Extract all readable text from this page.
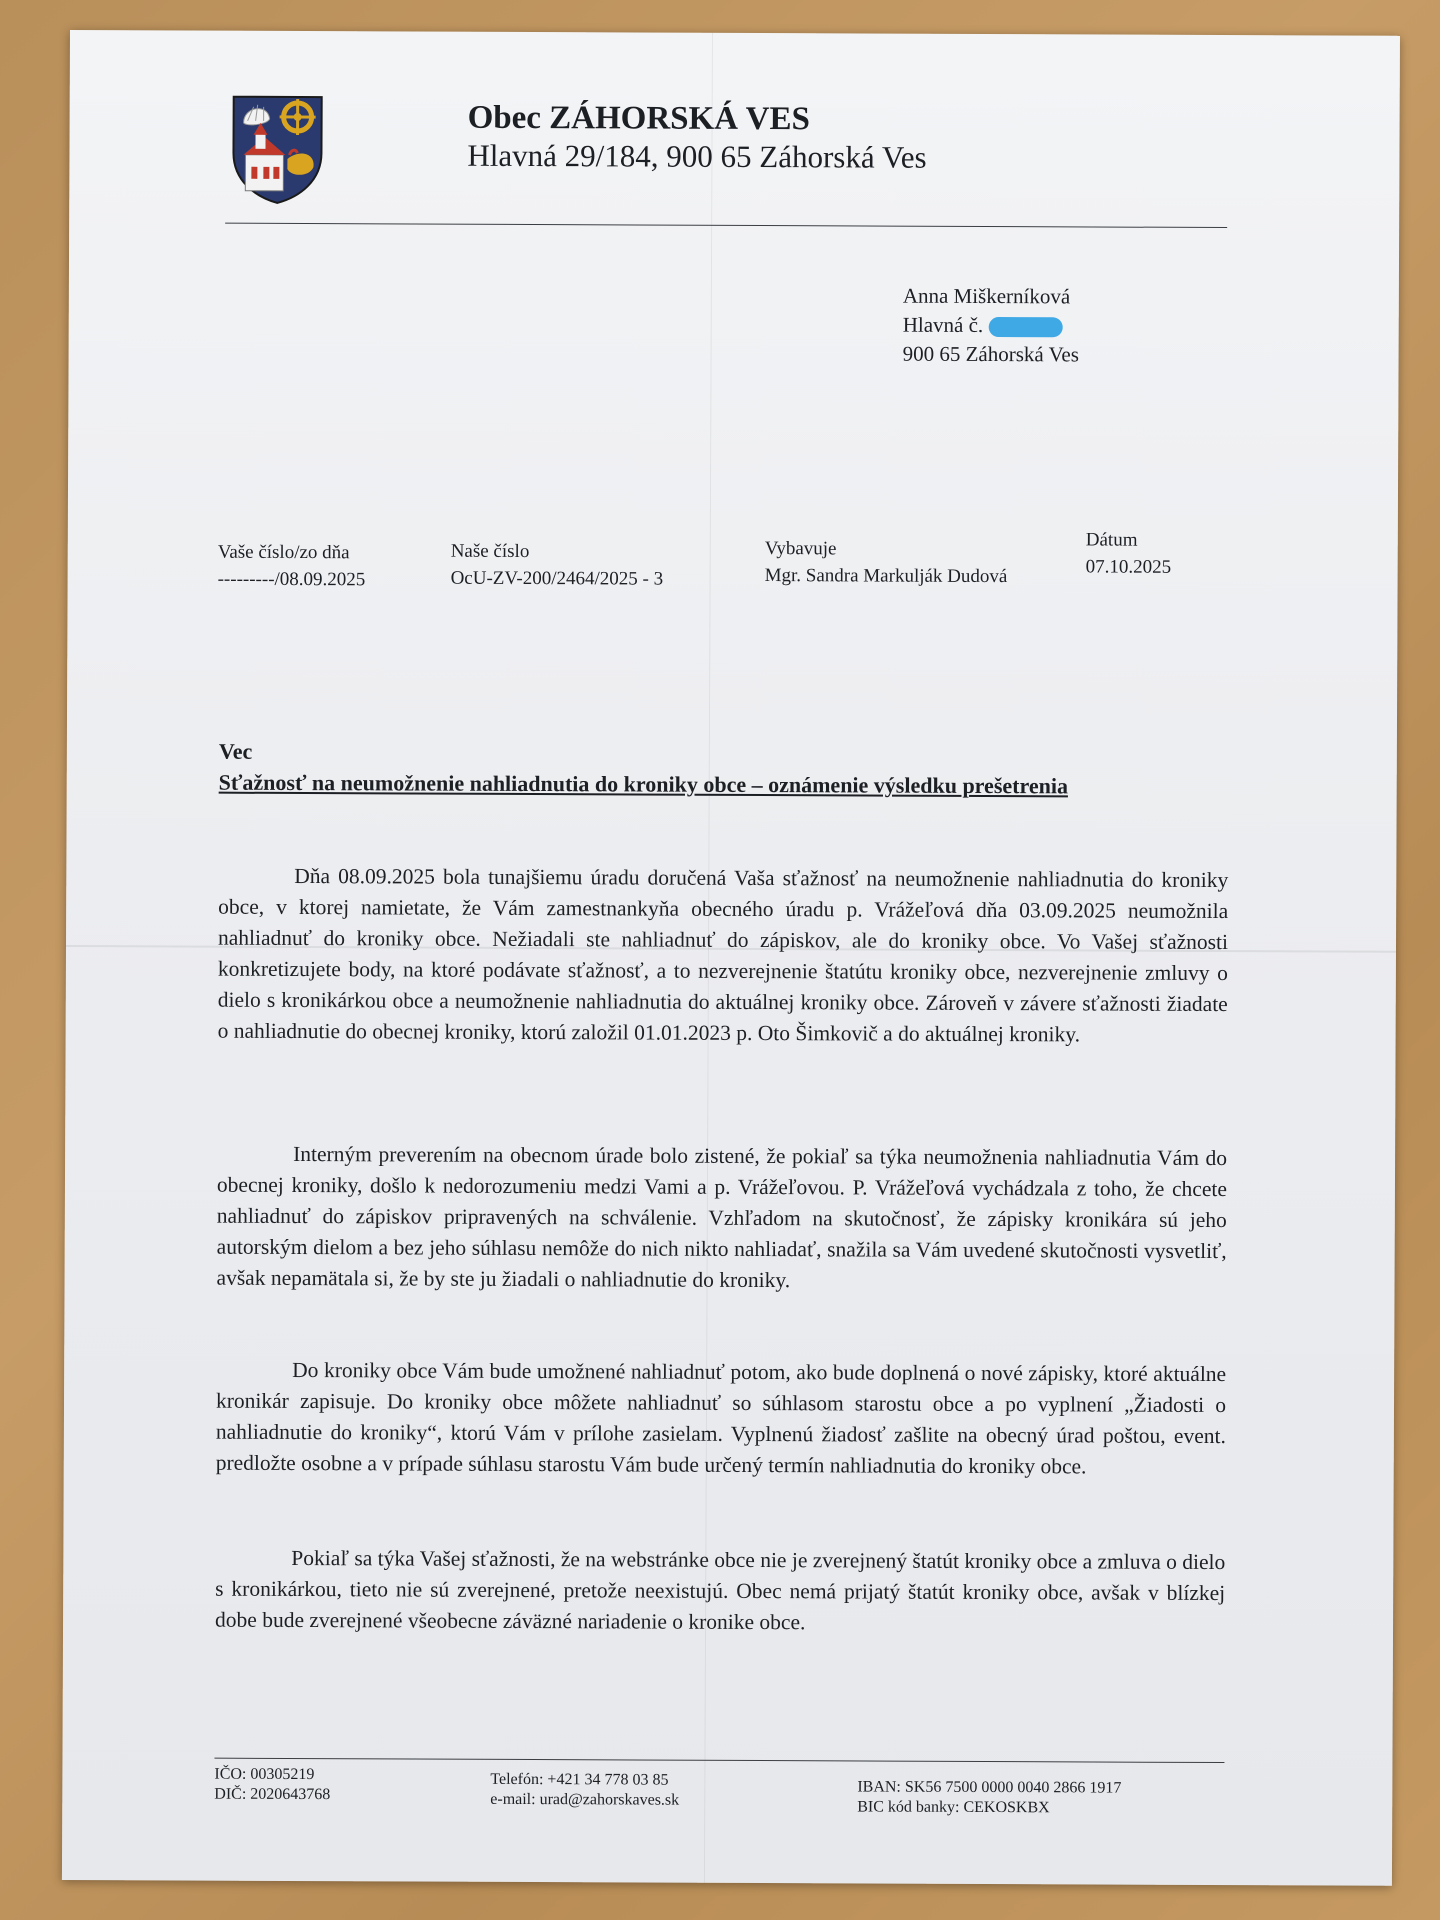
Obec ZÁHORSKÁ VES
Hlavná 29/184, 900 65 Záhorská Ves
Anna Miškerníková
Hlavná č.
900 65 Záhorská Ves
Vaše číslo/zo dňa
---------/08.09.2025
Naše číslo
OcU-ZV-200/2464/2025 - 3
Vybavuje
Mgr. Sandra Markulják Dudová
Dátum
07.10.2025
Vec
Sťažnosť na neumožnenie nahliadnutia do kroniky obce – oznámenie výsledku prešetrenia
Dňa 08.09.2025 bola tunajšiemu úradu doručená Vaša sťažnosť na neumožnenie nahliadnutia do kroniky obce, v ktorej namietate, že Vám zamestnankyňa obecného úradu p. Vrážeľová dňa 03.09.2025 neumožnila nahliadnuť do kroniky obce. Nežiadali ste nahliadnuť do zápiskov, ale do kroniky obce. Vo Vašej sťažnosti konkretizujete body, na ktoré podávate sťažnosť, a to nezverejnenie štatútu kroniky obce, nezverejnenie zmluvy o dielo s kronikárkou obce a neumožnenie nahliadnutia do aktuálnej kroniky obce. Zároveň v závere sťažnosti žiadate o nahliadnutie do obecnej kroniky, ktorú založil 01.01.2023 p. Oto Šimkovič a do aktuálnej kroniky.
Interným preverením na obecnom úrade bolo zistené, že pokiaľ sa týka neumožnenia nahliadnutia Vám do obecnej kroniky, došlo k nedorozumeniu medzi Vami a p. Vrážeľovou. P. Vrážeľová vychádzala z toho, že chcete nahliadnuť do zápiskov pripravených na schválenie. Vzhľadom na skutočnosť, že zápisky kronikára sú jeho autorským dielom a bez jeho súhlasu nemôže do nich nikto nahliadať, snažila sa Vám uvedené skutočnosti vysvetliť, avšak nepamätala si, že by ste ju žiadali o nahliadnutie do kroniky.
Do kroniky obce Vám bude umožnené nahliadnuť potom, ako bude doplnená o nové zápisky, ktoré aktuálne kronikár zapisuje. Do kroniky obce môžete nahliadnuť so súhlasom starostu obce a po vyplnení „Žiadosti o nahliadnutie do kroniky“, ktorú Vám v prílohe zasielam. Vyplnenú žiadosť zašlite na obecný úrad poštou, event. predložte osobne a v prípade súhlasu starostu Vám bude určený termín nahliadnutia do kroniky obce.
Pokiaľ sa týka Vašej sťažnosti, že na webstránke obce nie je zverejnený štatút kroniky obce a zmluva o dielo s kronikárkou, tieto nie sú zverejnené, pretože neexistujú. Obec nemá prijatý štatút kroniky obce, avšak v blízkej dobe bude zverejnené všeobecne záväzné nariadenie o kronike obce.
IČO: 00305219
DIČ: 2020643768
Telefón: +421 34 778 03 85
e-mail: urad@zahorskaves.sk
IBAN: SK56 7500 0000 0040 2866 1917
BIC kód banky: CEKOSKBX
